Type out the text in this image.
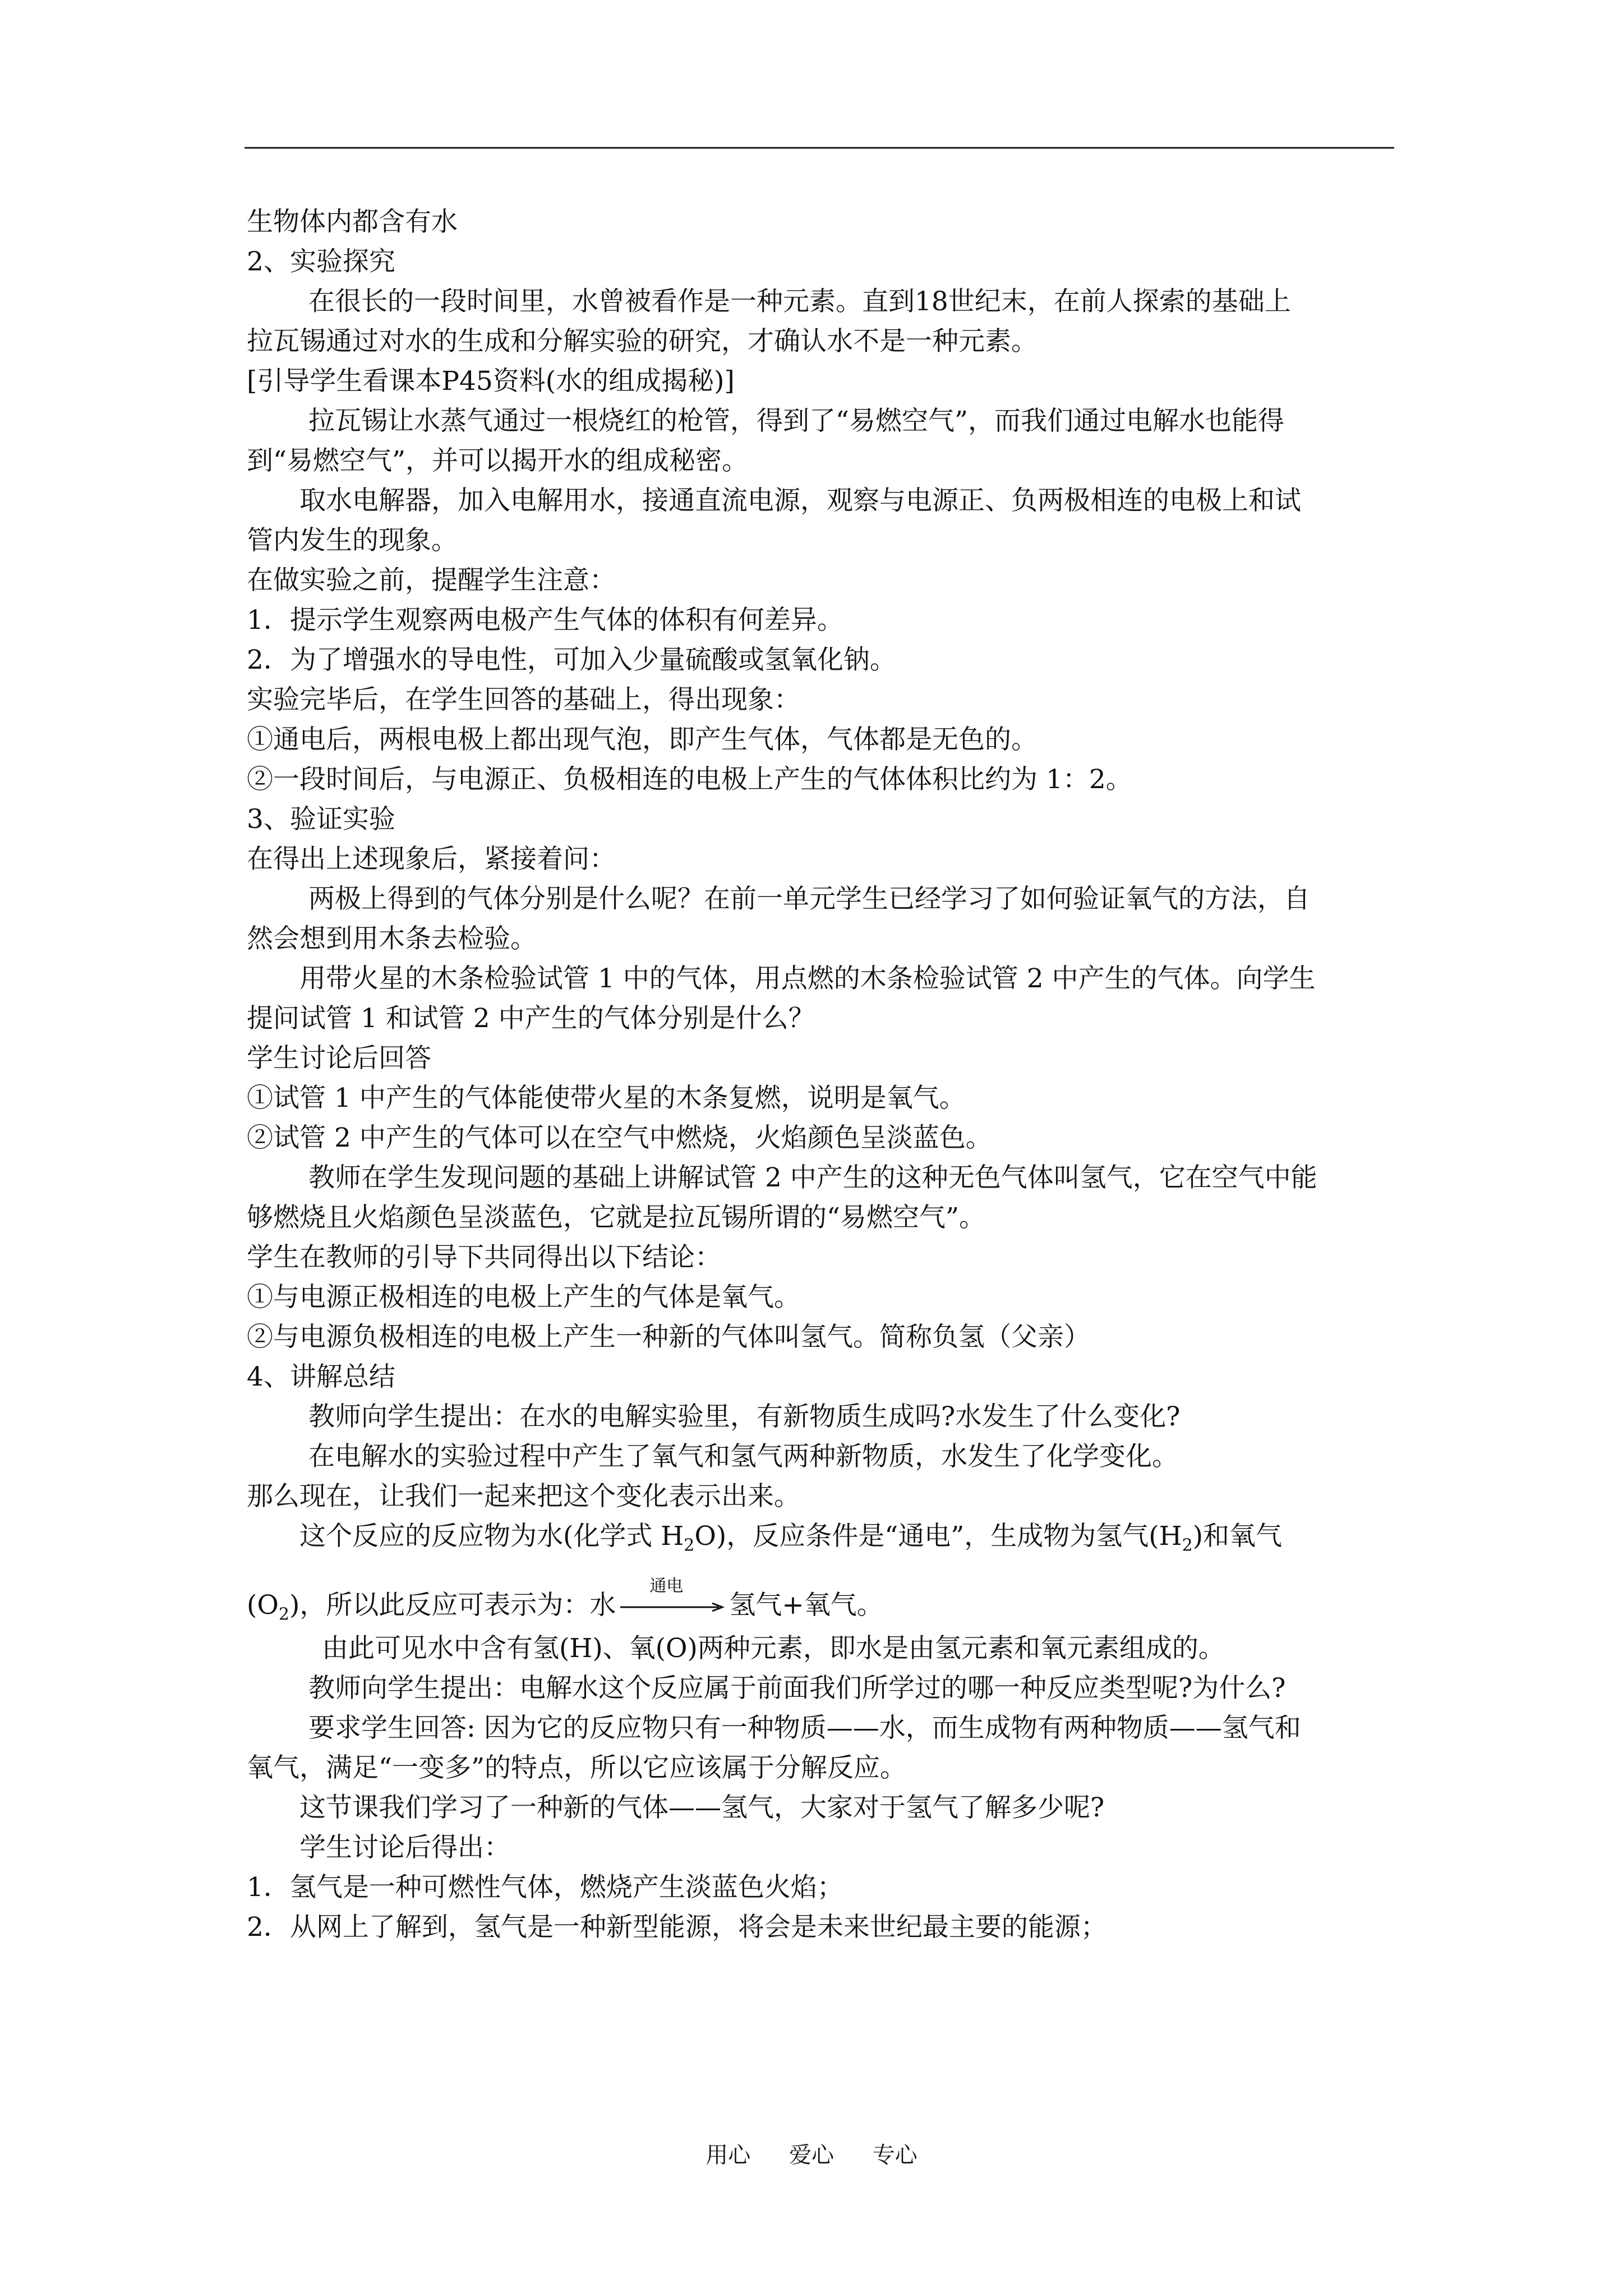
生物体内都含有水
2、实验探究
在很长的一段时间里，水曾被看作是一种元素。直到18世纪末，在前人探索的基础上
拉瓦锡通过对水的生成和分解实验的研究，才确认水不是一种元素。
[引导学生看课本P45资料(水的组成揭秘)]
拉瓦锡让水蒸气通过一根烧红的枪管，得到了“易燃空气”，而我们通过电解水也能得
到“易燃空气”，并可以揭开水的组成秘密。
取水电解器，加入电解用水，接通直流电源，观察与电源正、负两极相连的电极上和试
管内发生的现象。
在做实验之前，提醒学生注意：
1．提示学生观察两电极产生气体的体积有何差异。
2．为了增强水的导电性，可加入少量硫酸或氢氧化钠。
实验完毕后，在学生回答的基础上，得出现象：
①通电后，两根电极上都出现气泡，即产生气体，气体都是无色的。
②一段时间后，与电源正、负极相连的电极上产生的气体体积比约为 1：2。
3、验证实验
在得出上述现象后，紧接着问：
两极上得到的气体分别是什么呢？在前一单元学生已经学习了如何验证氧气的方法，自
然会想到用木条去检验。
用带火星的木条检验试管 1 中的气体，用点燃的木条检验试管 2 中产生的气体。向学生
提问试管 1 和试管 2 中产生的气体分别是什么？
学生讨论后回答
①试管 1 中产生的气体能使带火星的木条复燃，说明是氧气。
②试管 2 中产生的气体可以在空气中燃烧，火焰颜色呈淡蓝色。
教师在学生发现问题的基础上讲解试管 2 中产生的这种无色气体叫氢气，它在空气中能
够燃烧且火焰颜色呈淡蓝色，它就是拉瓦锡所谓的“易燃空气”。
学生在教师的引导下共同得出以下结论：
①与电源正极相连的电极上产生的气体是氧气。
②与电源负极相连的电极上产生一种新的气体叫氢气。简称负氢（父亲）
4、讲解总结
教师向学生提出：在水的电解实验里，有新物质生成吗?水发生了什么变化?
在电解水的实验过程中产生了氧气和氢气两种新物质，水发生了化学变化。
那么现在，让我们一起来把这个变化表示出来。
这个反应的反应物为水(化学式 $H_2O$)，反应条件是“通电”，生成物为氢气$(H_2)$和氧气
$(O_2)$，所以此反应可表示为：水
通电
氢气+氧气。
由此可见水中含有氢(H)、氧(O)两种元素，即水是由氢元素和氧元素组成的。
教师向学生提出：电解水这个反应属于前面我们所学过的哪一种反应类型呢?为什么?
要求学生回答: 因为它的反应物只有一种物质——水，而生成物有两种物质——氢气和
氧气，满足“一变多”的特点，所以它应该属于分解反应。
这节课我们学习了一种新的气体——氢气，大家对于氢气了解多少呢?
学生讨论后得出：
1．氢气是一种可燃性气体，燃烧产生淡蓝色火焰；
2．从网上了解到，氢气是一种新型能源，将会是未来世纪最主要的能源；
用心 爱心 专心
